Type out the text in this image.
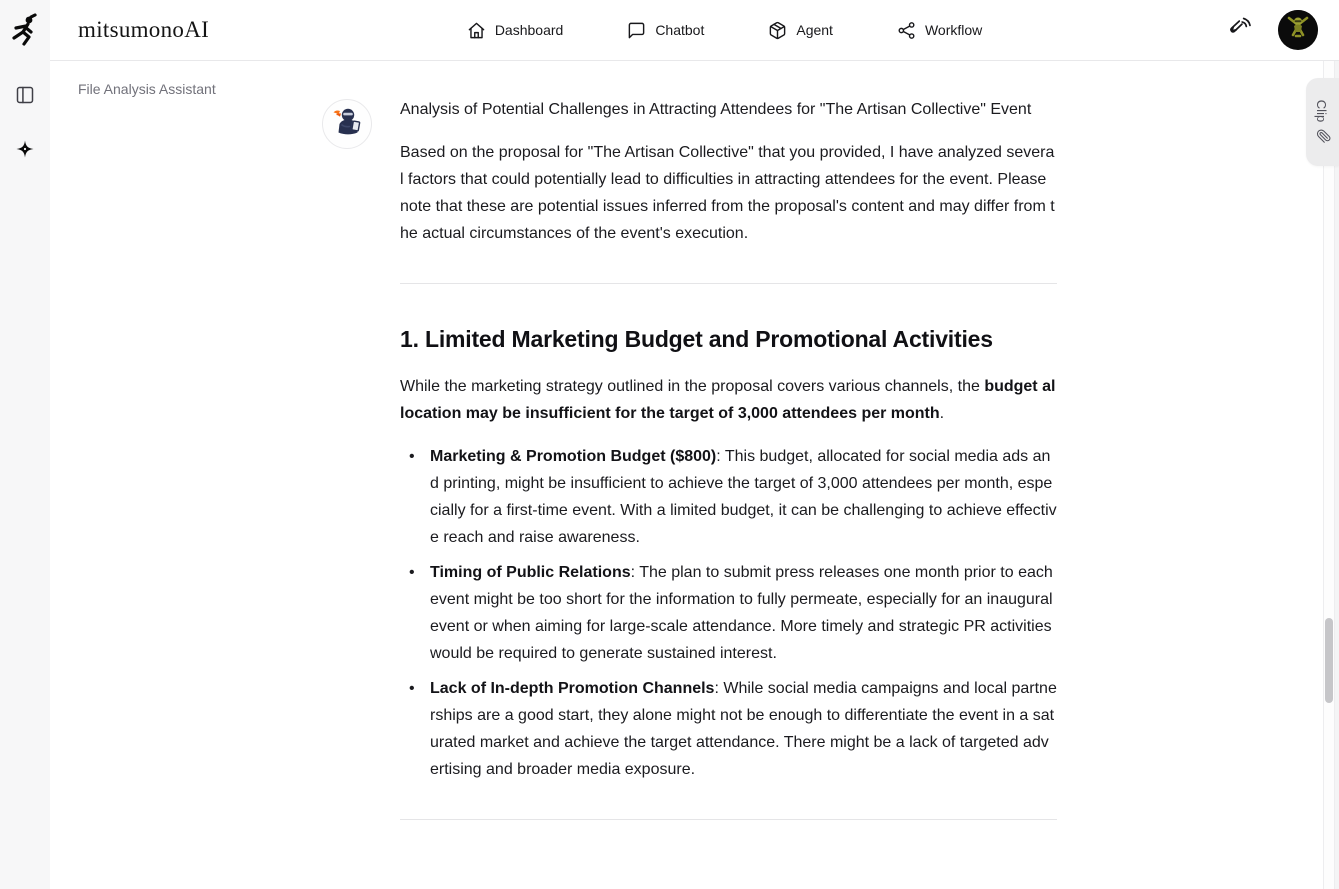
mitsumonoAI	Dashboard	Chatbot	Agent	Workflow
File Analysis Assistant

Analysis of Potential Challenges in Attracting Attendees for "The Artisan Collective" Event

Based on the proposal for "The Artisan Collective" that you provided, I have analyzed several factors that could potentially lead to difficulties in attracting attendees for the event. Please note that these are potential issues inferred from the proposal's content and may differ from the actual circumstances of the event's execution.

1. Limited Marketing Budget and Promotional Activities

While the marketing strategy outlined in the proposal covers various channels, the budget allocation may be insufficient for the target of 3,000 attendees per month.

• Marketing & Promotion Budget ($800): This budget, allocated for social media ads and printing, might be insufficient to achieve the target of 3,000 attendees per month, especially for a first-time event. With a limited budget, it can be challenging to achieve effective reach and raise awareness.
• Timing of Public Relations: The plan to submit press releases one month prior to each event might be too short for the information to fully permeate, especially for an inaugural event or when aiming for large-scale attendance. More timely and strategic PR activities would be required to generate sustained interest.
• Lack of In-depth Promotion Channels: While social media campaigns and local partnerships are a good start, they alone might not be enough to differentiate the event in a saturated market and achieve the target attendance. There might be a lack of targeted advertising and broader media exposure.
Clip
